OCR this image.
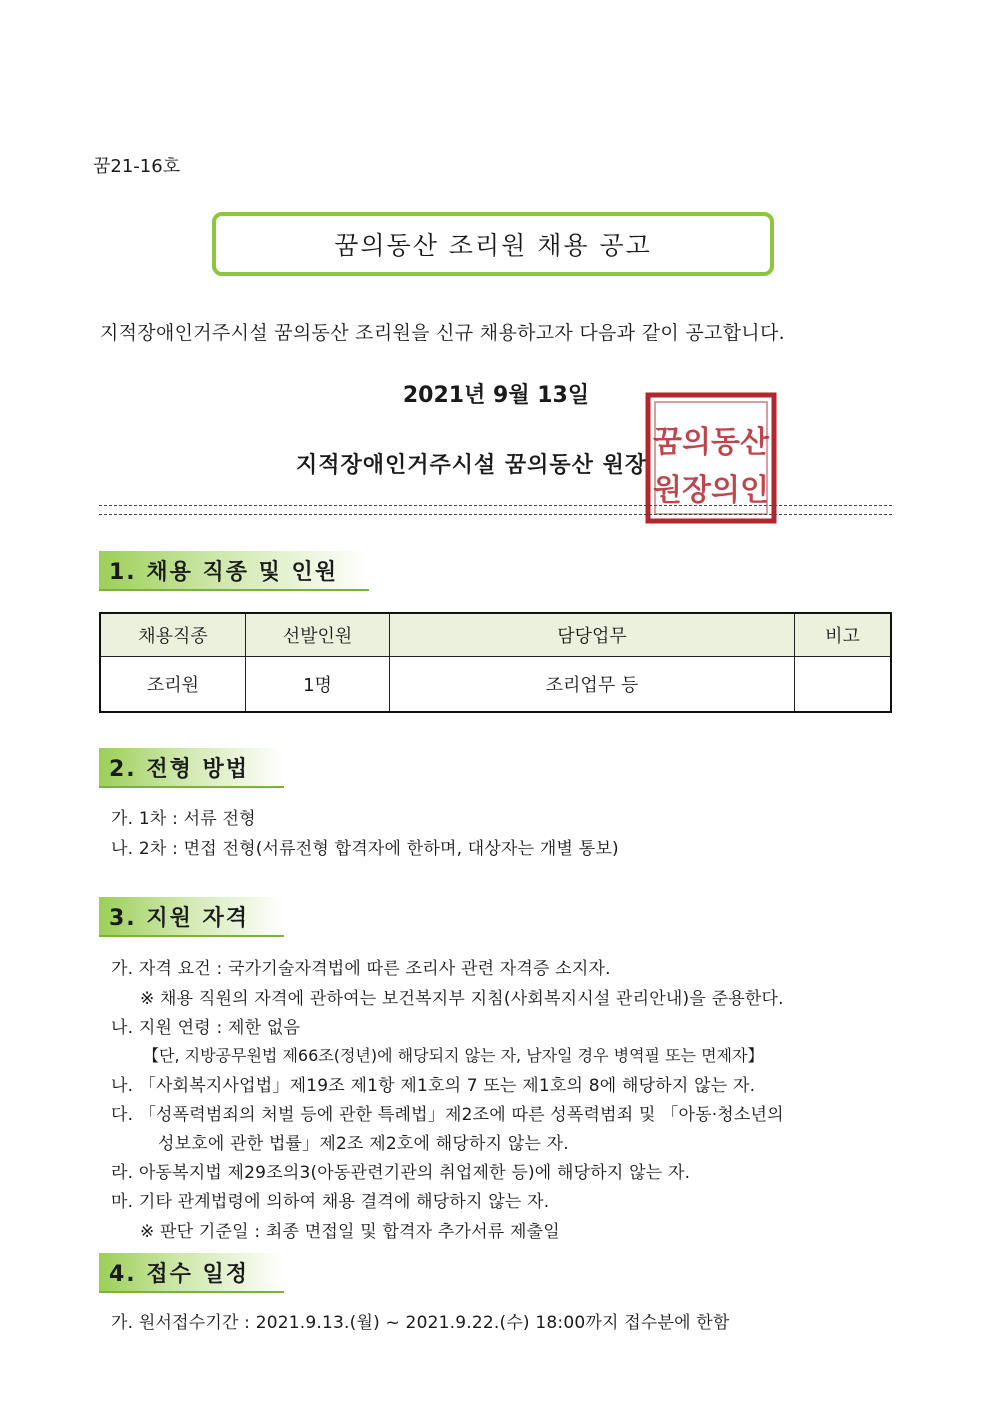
꿈21-16호
꿈의동산 조리원 채용 공고
지적장애인거주시설 꿈의동산 조리원을 신규 채용하고자 다음과 같이 공고합니다.
2021년 9월 13일
지적장애인거주시설 꿈의동산 원장
꿈의동산
원장의인
1. 채용 직종 및 인원
채용직종	선발인원	담당업무	비고
조리원	1명	조리업무 등	
2. 전형 방법
가. 1차 : 서류 전형
나. 2차 : 면접 전형(서류전형 합격자에 한하며, 대상자는 개별 통보)
3. 지원 자격
가. 자격 요건 : 국가기술자격법에 따른 조리사 관련 자격증 소지자.
※ 채용 직원의 자격에 관하여는 보건복지부 지침(사회복지시설 관리안내)을 준용한다.
나. 지원 연령 : 제한 없음
【단, 지방공무원법 제66조(정년)에 해당되지 않는 자, 남자일 경우 병역필 또는 면제자】
나. 「사회복지사업법」제19조 제1항 제1호의 7 또는 제1호의 8에 해당하지 않는 자.
다. 「성폭력범죄의 처벌 등에 관한 특례법」제2조에 따른 성폭력범죄 및 「아동·청소년의
성보호에 관한 법률」제2조 제2호에 해당하지 않는 자.
라. 아동복지법 제29조의3(아동관련기관의 취업제한 등)에 해당하지 않는 자.
마. 기타 관계법령에 의하여 채용 결격에 해당하지 않는 자.
※ 판단 기준일 : 최종 면접일 및 합격자 추가서류 제출일
4. 접수 일정
가. 원서접수기간 : 2021.9.13.(월) ~ 2021.9.22.(수) 18:00까지 접수분에 한함
